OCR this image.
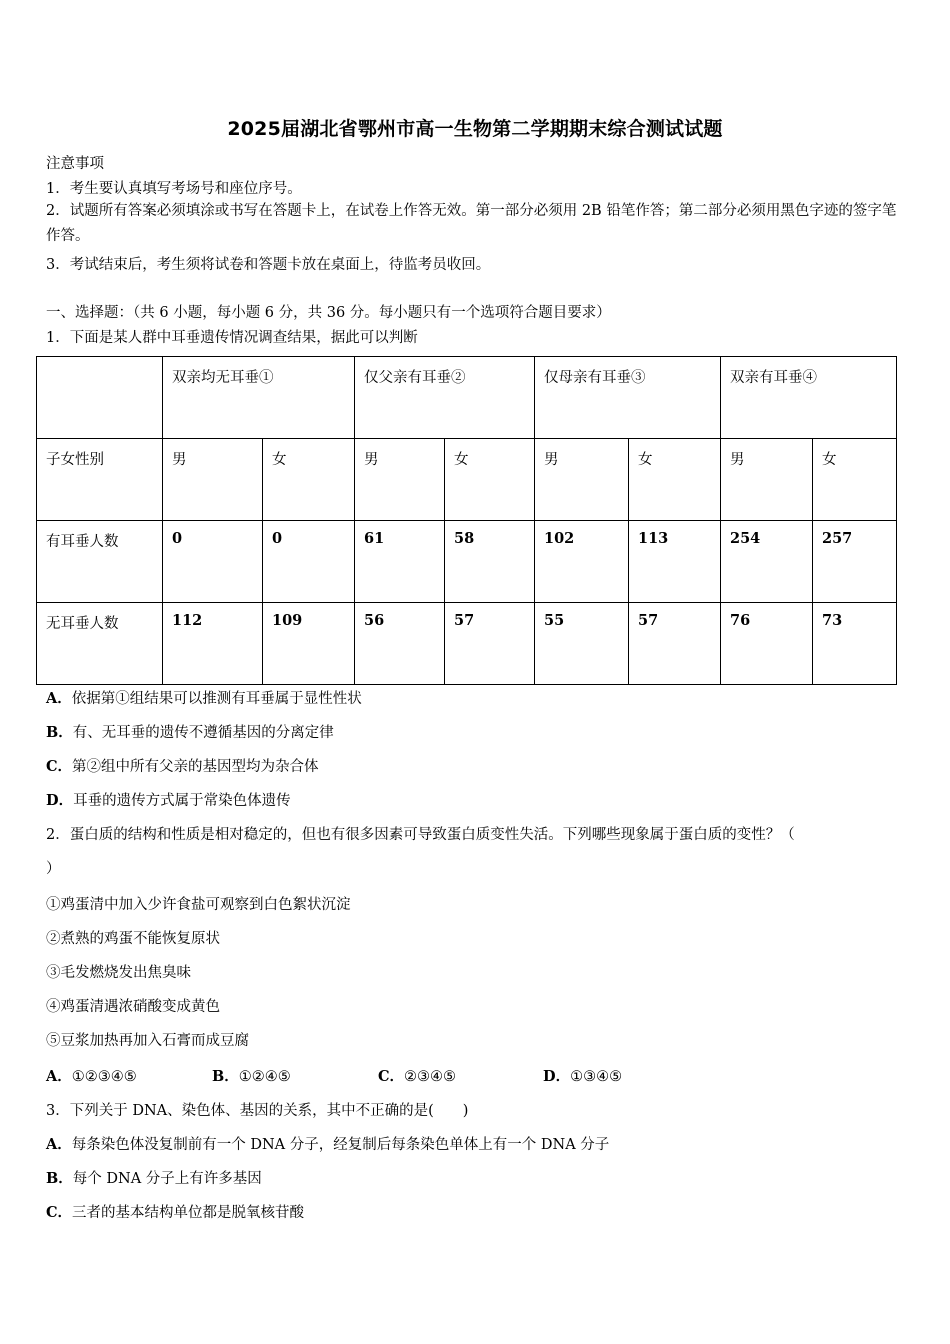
2025届湖北省鄂州市高一生物第二学期期末综合测试试题
注意事项
1．考生要认真填写考场号和座位序号。
2．试题所有答案必须填涂或书写在答题卡上，在试卷上作答无效。第一部分必须用 2B 铅笔作答；第二部分必须用黑色字迹的签字笔作答。
3．考试结束后，考生须将试卷和答题卡放在桌面上，待监考员收回。
一、选择题：（共 6 小题，每小题 6 分，共 36 分。每小题只有一个选项符合题目要求）
1．下面是某人群中耳垂遗传情况调查结果，据此可以判断
	双亲均无耳垂①		仅父亲有耳垂②		仅母亲有耳垂③		双亲有耳垂④	
子女性别	男	女	男	女	男	女	男	女
有耳垂人数	0	0	61	58	102	113	254	257
无耳垂人数	112	109	56	57	55	57	76	73
A．依据第①组结果可以推测有耳垂属于显性性状
B．有、无耳垂的遗传不遵循基因的分离定律
C．第②组中所有父亲的基因型均为杂合体
D．耳垂的遗传方式属于常染色体遗传
2．蛋白质的结构和性质是相对稳定的，但也有很多因素可导致蛋白质变性失活。下列哪些现象属于蛋白质的变性？（
）
①鸡蛋清中加入少许食盐可观察到白色絮状沉淀
②煮熟的鸡蛋不能恢复原状
③毛发燃烧发出焦臭味
④鸡蛋清遇浓硝酸变成黄色
⑤豆浆加热再加入石膏而成豆腐
A．①②③④⑤	B．①②④⑤	C．②③④⑤	D．①③④⑤
3．下列关于 DNA、染色体、基因的关系，其中不正确的是(　　)
A．每条染色体没复制前有一个 DNA 分子，经复制后每条染色单体上有一个 DNA 分子
B．每个 DNA 分子上有许多基因
C．三者的基本结构单位都是脱氧核苷酸
